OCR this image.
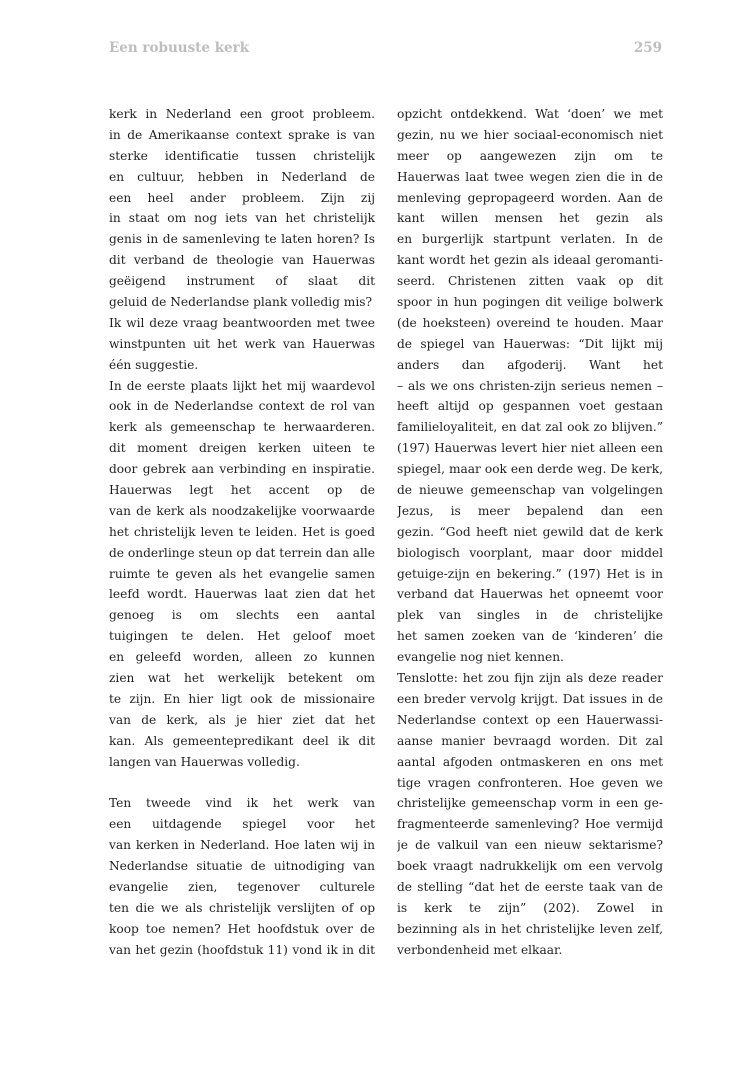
Een robuuste kerk	259
kerk in Nederland een groot probleem.
in de Amerikaanse context sprake is van
sterke identificatie tussen christelijk
en cultuur, hebben in Nederland de
een heel ander probleem. Zijn zij
in staat om nog iets van het christelijk
genis in de samenleving te laten horen? Is
dit verband de theologie van Hauerwas
geëigend instrument of slaat dit
geluid de Nederlandse plank volledig mis?
Ik wil deze vraag beantwoorden met twee
winstpunten uit het werk van Hauerwas
één suggestie.
In de eerste plaats lijkt het mij waardevol
ook in de Nederlandse context de rol van
kerk als gemeenschap te herwaarderen.
dit moment dreigen kerken uiteen te
door gebrek aan verbinding en inspiratie.
Hauerwas legt het accent op de
van de kerk als noodzakelijke voorwaarde
het christelijk leven te leiden. Het is goed
de onderlinge steun op dat terrein dan alle
ruimte te geven als het evangelie samen
leefd wordt. Hauerwas laat zien dat het
genoeg is om slechts een aantal
tuigingen te delen. Het geloof moet
en geleefd worden, alleen zo kunnen
zien wat het werkelijk betekent om
te zijn. En hier ligt ook de missionaire
van de kerk, als je hier ziet dat het
kan. Als gemeentepredikant deel ik dit
langen van Hauerwas volledig.
Ten tweede vind ik het werk van
een uitdagende spiegel voor het
van kerken in Nederland. Hoe laten wij in
Nederlandse situatie de uitnodiging van
evangelie zien, tegenover culturele
ten die we als christelijk verslijten of op
koop toe nemen? Het hoofdstuk over de
van het gezin (hoofdstuk 11) vond ik in dit
opzicht ontdekkend. Wat ‘doen’ we met
gezin, nu we hier sociaal-economisch niet
meer op aangewezen zijn om te
Hauerwas laat twee wegen zien die in de
menleving gepropageerd worden. Aan de
kant willen mensen het gezin als
en burgerlijk startpunt verlaten. In de
kant wordt het gezin als ideaal geromanti-
seerd. Christenen zitten vaak op dit
spoor in hun pogingen dit veilige bolwerk
(de hoeksteen) overeind te houden. Maar
de spiegel van Hauerwas: “Dit lijkt mij
anders dan afgoderij. Want het
– als we ons christen-zijn serieus nemen –
heeft altijd op gespannen voet gestaan
familieloyaliteit, en dat zal ook zo blijven.”
(197) Hauerwas levert hier niet alleen een
spiegel, maar ook een derde weg. De kerk,
de nieuwe gemeenschap van volgelingen
Jezus, is meer bepalend dan een
gezin. “God heeft niet gewild dat de kerk
biologisch voorplant, maar door middel
getuige-zijn en bekering.” (197) Het is in
verband dat Hauerwas het opneemt voor
plek van singles in de christelijke
het samen zoeken van de ‘kinderen’ die
evangelie nog niet kennen.
Tenslotte: het zou fijn zijn als deze reader
een breder vervolg krijgt. Dat issues in de
Nederlandse context op een Hauerwassi-
aanse manier bevraagd worden. Dit zal
aantal afgoden ontmaskeren en ons met
tige vragen confronteren. Hoe geven we
christelijke gemeenschap vorm in een ge-
fragmenteerde samenleving? Hoe vermijd
je de valkuil van een nieuw sektarisme?
boek vraagt nadrukkelijk om een vervolg
de stelling “dat het de eerste taak van de
is kerk te zijn” (202). Zowel in
bezinning als in het christelijke leven zelf,
verbondenheid met elkaar.
